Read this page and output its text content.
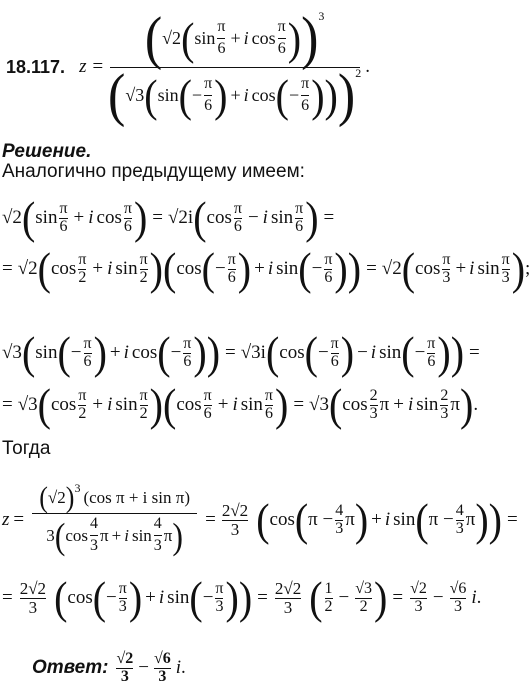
18.117. z = ( √2 ( $\sin \frac{\pi}{6} + i$ $\cos \frac{\pi}{6}$ ) ) 3
( √3 ( sin ( − $\frac{\pi}{6}$ ) + i cos ( − $\frac{\pi}{6}$ ) ) ) 2 .
Решение.
Аналогично предыдущему имеем:
√2 ( $\sin \frac{\pi}{6} + i$ $\cos \frac{\pi}{6}$ ) = √2i ( $\cos \frac{\pi}{6} - i$ $\sin \frac{\pi}{6}$ ) =
= √2 ( $\cos \frac{\pi}{2} + i$ $\sin \frac{\pi}{2}$ ) ( cos ( − $\frac{\pi}{6}$ ) + i sin ( − $\frac{\pi}{6}$ ) ) = √2 ( $\cos \frac{\pi}{3} + i$ $\sin \frac{\pi}{3}$ ) ;
√3 ( sin ( − $\frac{\pi}{6}$ ) + i cos ( − $\frac{\pi}{6}$ ) ) = √3i ( cos ( − $\frac{\pi}{6}$ ) − i sin ( − $\frac{\pi}{6}$ ) ) =
= √3 ( $\cos \frac{\pi}{2} + i$ $\sin \frac{\pi}{2}$ ) ( $\cos \frac{\pi}{6} + i$ $\sin \frac{\pi}{6}$ ) = √3 ( $\cos \frac{2}{3}$ π + i $\sin \frac{2}{3}$ π ) .
Тогда
z =
( √2 ) 3 (cos π + i sin π)
3 ( $\cos \frac{4}{3}$ π + i $\sin \frac{4}{3}$ π ) = $\frac{2√2}{3}$ ( cos ( $\pi - \frac{4}{3}$ π ) + i sin ( $\pi - \frac{4}{3}$ π ) ) =
= $\frac{2√2}{3}$ ( cos ( − $\frac{\pi}{3}$ ) + i sin ( − $\frac{\pi}{3}$ ) ) = $\frac{2√2}{3}$ ( $\frac{1}{2} - \frac{√3}{2}$ ) = $\frac{√2}{3} - \frac{√6}{3}$ i .
Ответ: $\frac{√2}{3} - \frac{√6}{3}$ i .
